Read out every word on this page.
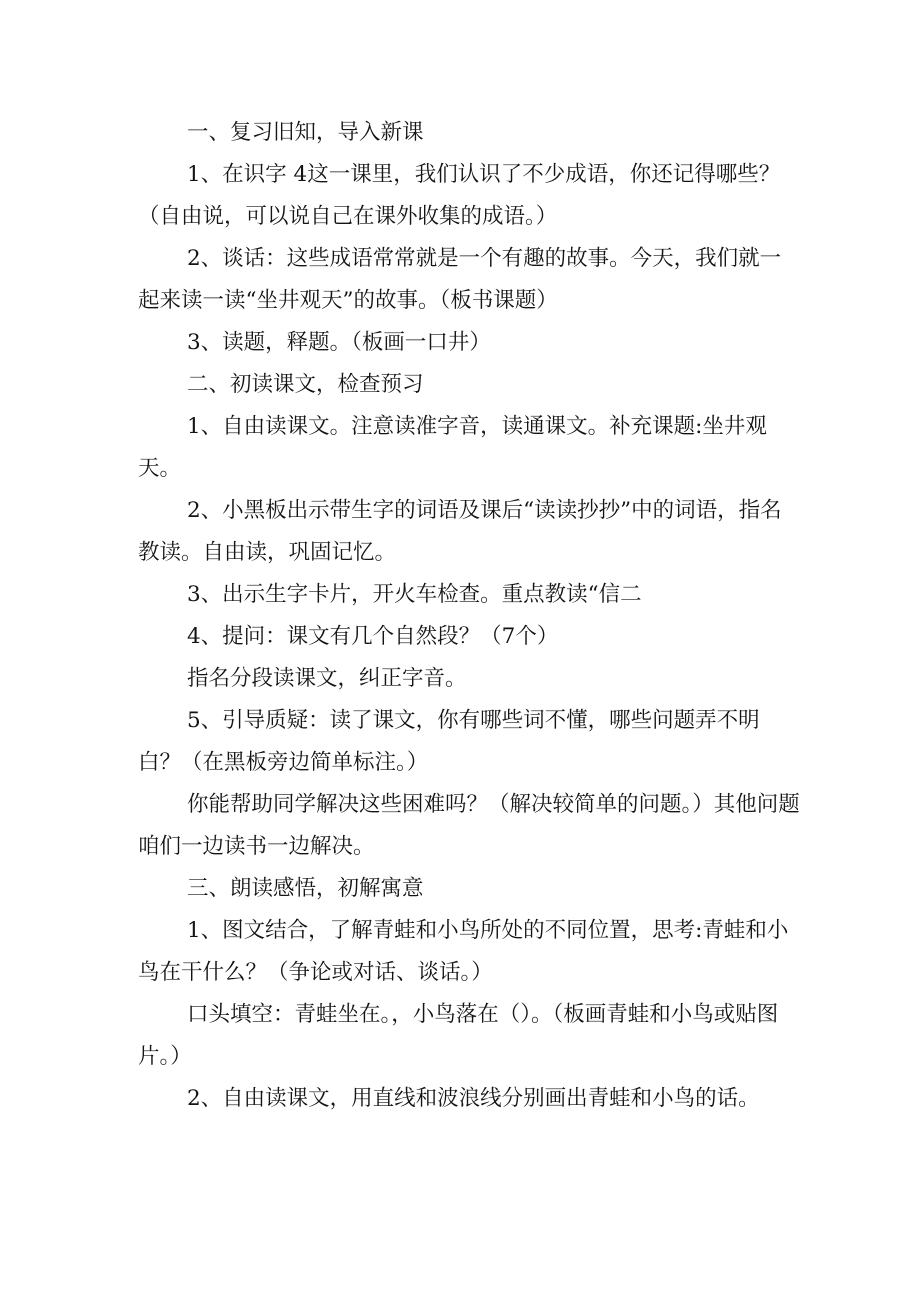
一、复习旧知，导入新课

1、在识字 4这一课里，我们认识了不少成语，你还记得哪些？（自由说，可以说自己在课外收集的成语。）

2、谈话：这些成语常常就是一个有趣的故事。今天，我们就一起来读一读“坐井观天”的故事。（板书课题）

3、读题，释题。（板画一口井）

二、初读课文，检查预习

1、自由读课文。注意读准字音，读通课文。补充课题:坐井观天。

2、小黑板出示带生字的词语及课后“读读抄抄”中的词语，指名教读。自由读，巩固记忆。

3、出示生字卡片，开火车检查。重点教读“信二

4、提问：课文有几个自然段？（7个）

指名分段读课文，纠正字音。

5、引导质疑：读了课文，你有哪些词不懂，哪些问题弄不明白？（在黑板旁边简单标注。）

你能帮助同学解决这些困难吗？（解决较简单的问题。）其他问题咱们一边读书一边解决。

三、朗读感悟，初解寓意

1、图文结合，了解青蛙和小鸟所处的不同位置，思考:青蛙和小鸟在干什么？（争论或对话、谈话。）

口头填空：青蛙坐在。，小鸟落在（）。（板画青蛙和小鸟或贴图片。）

2、自由读课文，用直线和波浪线分别画出青蛙和小鸟的话。
